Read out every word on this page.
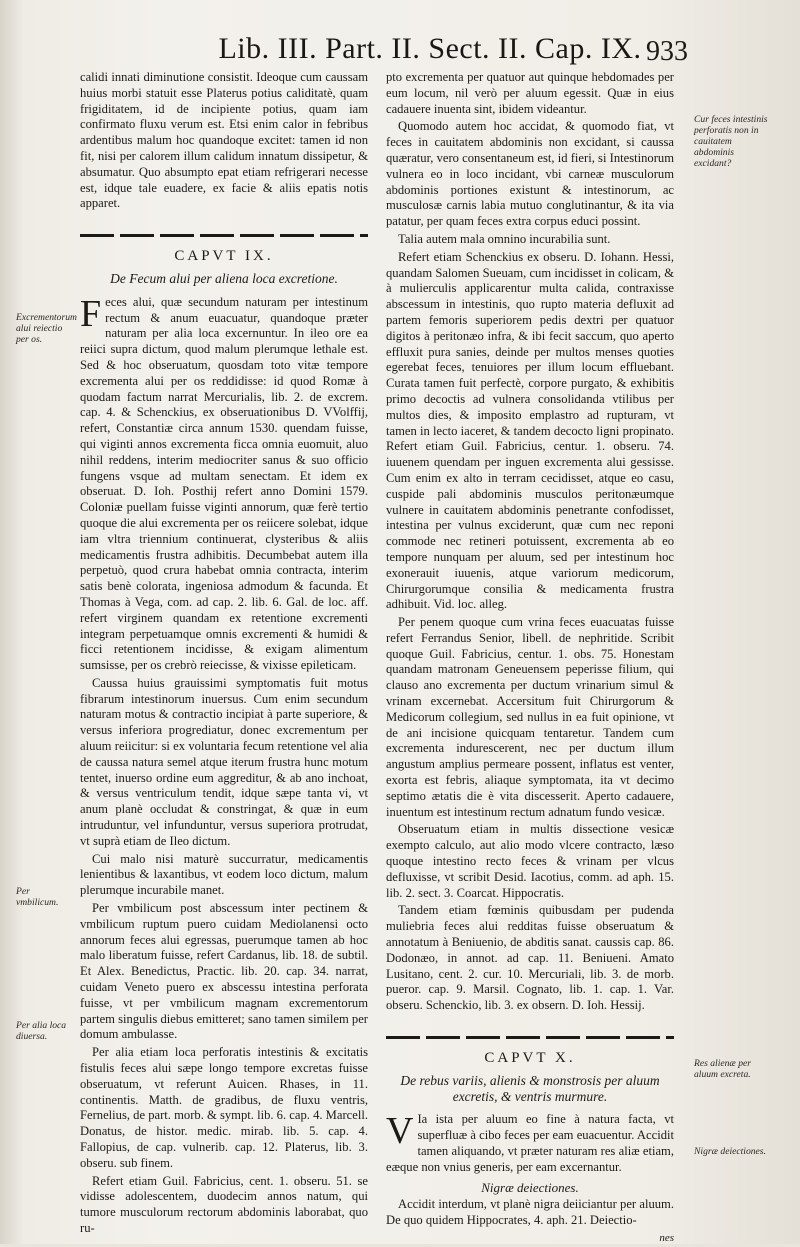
Lib. III. Part. II. Sect. II. Cap. IX. 933

calidi innati diminutione consistit. Ideoque cum caussam huius morbi statuit esse Platerus potius caliditatè, quam frigiditatem, id de incipiente potius, quam iam confirmato fluxu verum est. Etsi enim calor in febribus ardentibus malum hoc quandoque excitet: tamen id non fit, nisi per calorem illum calidum innatum dissipetur, & absumatur. Quo absumpto epat etiam refrigerari necesse est, idque tale euadere, ex facie & aliis epatis notis apparet.

CAPVT IX.
De Fecum alui per aliena loca excretione.

Feces alui, quæ secundum naturam per intestinum rectum & anum euacuatur, quandoque præter naturam per alia loca excernuntur. In ileo ore ea reiici supra dictum, quod malum plerumque lethale est. Sed & hoc obseruatum, quosdam toto vitæ tempore excrementa alui per os reddidisse: id quod Romæ à quodam factum narrat Mercurialis, lib. 2. de excrem. cap. 4. & Schenckius, ex obseruationibus D. VVolffij, refert, Constantiæ circa annum 1530. quendam fuisse, qui viginti annos excrementa ficca omnia euomuit, aluo nihil reddens, interim mediocriter sanus & suo officio fungens vsque ad multam senectam. Et idem ex obseruat. D. Ioh. Posthij refert anno Domini 1579. Coloniæ puellam fuisse viginti annorum, quæ ferè tertio quoque die alui excrementa per os reiicere solebat, idque iam vltra triennium continuerat, clysteribus & aliis medicamentis frustra adhibitis. Decumbebat autem illa perpetuò, quod crura habebat omnia contracta, interim satis benè colorata, ingeniosa admodum & facunda. Et Thomas à Vega, com. ad cap. 2. lib. 6. Gal. de loc. aff. refert virginem quandam ex retentione excrementi integram perpetuamque omnis excrementi & humidi & ficci retentionem incidisse, & exigam alimentum sumsisse, per os crebrò reiecisse, & vixisse epileticam.

Caussa huius grauissimi symptomatis fuit motus fibrarum intestinorum inuersus. Cum enim secundum naturam motus & contractio incipiat à parte superiore, & versus inferiora progrediatur, donec excrementum per aluum reiicitur: si ex voluntaria fecum retentione vel alia de caussa natura semel atque iterum frustra hunc motum tentet, inuerso ordine eum aggreditur, & ab ano inchoat, & versus ventriculum tendit, idque sæpe tanta vi, vt anum planè occludat & constringat, & quæ in eum intruduntur, vel infunduntur, versus superiora protrudat, vt suprà etiam de Ileo dictum.

Cui malo nisi maturè succurratur, medicamentis lenientibus & laxantibus, vt eodem loco dictum, malum plerumque incurabile manet.

Per vmbilicum post abscessum inter pectinem & vmbilicum ruptum puero cuidam Mediolanensi octo annorum feces alui egressas, puerumque tamen ab hoc malo liberatum fuisse, refert Cardanus, lib. 18. de subtil. Et Alex. Benedictus, Practic. lib. 20. cap. 34. narrat, cuidam Veneto puero ex abscessu intestina perforata fuisse, vt per vmbilicum magnam excrementorum partem singulis diebus emitteret; sano tamen similem per domum ambulasse.

Per alia etiam loca perforatis intestinis & excitatis fistulis feces alui sæpe longo tempore excretas fuisse obseruatum, vt referunt Auicen. Rhases, in 11. continentis. Matth. de gradibus, de fluxu ventris, Fernelius, de part. morb. & sympt. lib. 6. cap. 4. Marcell. Donatus, de histor. medic. mirab. lib. 5. cap. 4. Fallopius, de cap. vulnerib. cap. 12. Platerus, lib. 3. obseru. sub finem.

Refert etiam Guil. Fabricius, cent. 1. obseru. 51. se vidisse adolescentem, duodecim annos natum, qui tumore musculorum rectorum abdominis laborabat, quo ru-

pto excrementa per quatuor aut quinque hebdomades per eum locum, nil verò per aluum egessit. Quæ in eius cadauere inuenta sint, ibidem videantur.

Quomodo autem hoc accidat, & quomodo fiat, vt feces in cauitatem abdominis non excidant, si caussa quæratur, vero consentaneum est, id fieri, si Intestinorum vulnera eo in loco incidant, vbi carneæ musculorum abdominis portiones existunt & intestinorum, ac musculosæ carnis labia mutuo conglutinantur, & ita via patatur, per quam feces extra corpus educi possint.

Talia autem mala omnino incurabilia sunt.

Refert etiam Schenckius ex obseru. D. Iohann. Hessi, quandam Salomen Sueuam, cum incidisset in colicam, & à mulierculis applicarentur multa calida, contraxisse abscessum in intestinis, quo rupto materia defluxit ad partem femoris superiorem pedis dextri per quatuor digitos à peritonæo infra, & ibi fecit saccum, quo aperto effluxit pura sanies, deinde per multos menses quoties egerebat feces, tenuiores per illum locum effluebant. Curata tamen fuit perfectè, corpore purgato, & exhibitis primo decoctis ad vulnera consolidanda vtilibus per multos dies, & imposito emplastro ad rupturam, vt tamen in lecto iaceret, & tandem decocto ligni propinato. Refert etiam Guil. Fabricius, centur. 1. obseru. 74. iuuenem quendam per inguen excrementa alui gessisse. Cum enim ex alto in terram cecidisset, atque eo casu, cuspide pali abdominis musculos peritonæumque vulnere in cauitatem abdominis penetrante confodisset, intestina per vulnus exciderunt, quæ cum nec reponi commode nec retineri potuissent, excrementa ab eo tempore nunquam per aluum, sed per intestinum hoc exonerauit iuuenis, atque variorum medicorum, Chirurgorumque consilia & medicamenta frustra adhibuit. Vid. loc. alleg.

Per penem quoque cum vrina feces euacuatas fuisse refert Ferrandus Senior, libell. de nephritide. Scribit quoque Guil. Fabricius, centur. 1. obs. 75. Honestam quandam matronam Geneuensem peperisse filium, qui clauso ano excrementa per ductum vrinarium simul & vrinam excernebat. Accersitum fuit Chirurgorum & Medicorum collegium, sed nullus in ea fuit opinione, vt de ani incisione quicquam tentaretur. Tandem cum excrementa indurescerent, nec per ductum illum angustum amplius permeare possent, inflatus est venter, exorta est febris, aliaque symptomata, ita vt decimo septimo ætatis die è vita discesserit. Aperto cadauere, inuentum est intestinum rectum adnatum fundo vesicæ.

Obseruatum etiam in multis dissectione vesicæ exempto calculo, aut alio modo vlcere contracto, læso quoque intestino recto feces & vrinam per vlcus defluxisse, vt scribit Desid. Iacotius, comm. ad aph. 15. lib. 2. sect. 3. Coarcat. Hippocratis.

Tandem etiam fœminis quibusdam per pudenda muliebria feces alui redditas fuisse obseruatum & annotatum à Beniuenio, de abditis sanat. caussis cap. 86. Dodonæo, in annot. ad cap. 11. Beniueni. Amato Lusitano, cent. 2. cur. 10. Mercuriali, lib. 3. de morb. pueror. cap. 9. Marsil. Cognato, lib. 1. cap. 1. Var. obseru. Schenckio, lib. 3. ex obsern. D. Ioh. Hessij.

CAPVT X.
De rebus variis, alienis & monstrosis per aluum excretis, & ventris murmure.

V Ia ista per aluum eo fine à natura facta, vt superfluæ à cibo feces per eam euacuentur. Accidit tamen aliquando, vt præter naturam res aliæ etiam, eæque non vnius generis, per eam excernantur.

Nigræ deiectiones.

Accidit interdum, vt planè nigra deiiciantur per aluum. De quo quidem Hippocrates, 4. aph. 21. Deiectio-

nes
Excrementorum alui reiectio per os.
Per vmbilicum.
Per alia loca diuersa.
Cur feces intestinis perforatis non in cauitatem abdominis excidant?
Res alienæ per aluum excreta.
Nigræ deiectiones.
